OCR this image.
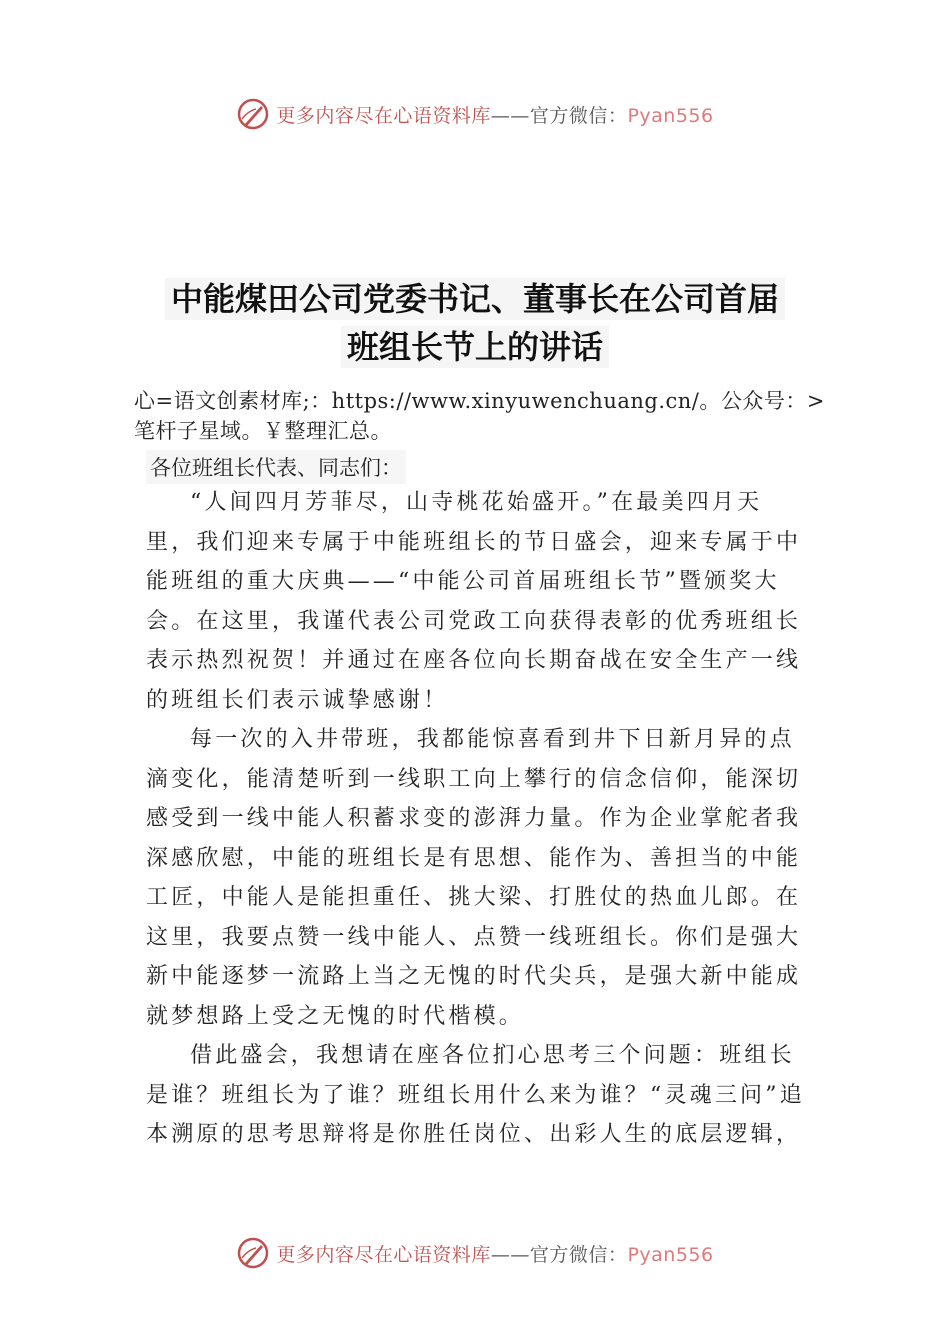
更多内容尽在心语资料库——官方微信：Pyan556
中能煤田公司党委书记、董事长在公司首届
班组长节上的讲话
心=语文创素材库;：https://www.xinyuwenchuang.cn/。公众号：>笔杆子星域。￥整理汇总。
各位班组长代表、同志们：

“人间四月芳菲尽，山寺桃花始盛开。”在最美四月天里，我们迎来专属于中能班组长的节日盛会，迎来专属于中能班组的重大庆典——“中能公司首届班组长节”暨颁奖大会。在这里，我谨代表公司党政工向获得表彰的优秀班组长表示热烈祝贺！并通过在座各位向长期奋战在安全生产一线的班组长们表示诚挚感谢！

每一次的入井带班，我都能惊喜看到井下日新月异的点滴变化，能清楚听到一线职工向上攀行的信念信仰，能深切感受到一线中能人积蓄求变的澎湃力量。作为企业掌舵者我深感欣慰，中能的班组长是有思想、能作为、善担当的中能工匠，中能人是能担重任、挑大梁、打胜仗的热血儿郎。在这里，我要点赞一线中能人、点赞一线班组长。你们是强大新中能逐梦一流路上当之无愧的时代尖兵，是强大新中能成就梦想路上受之无愧的时代楷模。

借此盛会，我想请在座各位扪心思考三个问题：班组长是谁？班组长为了谁？班组长用什么来为谁？“灵魂三问”追本溯原的思考思辩将是你胜任岗位、出彩人生的底层逻辑，

更多内容尽在心语资料库——官方微信：Pyan556
